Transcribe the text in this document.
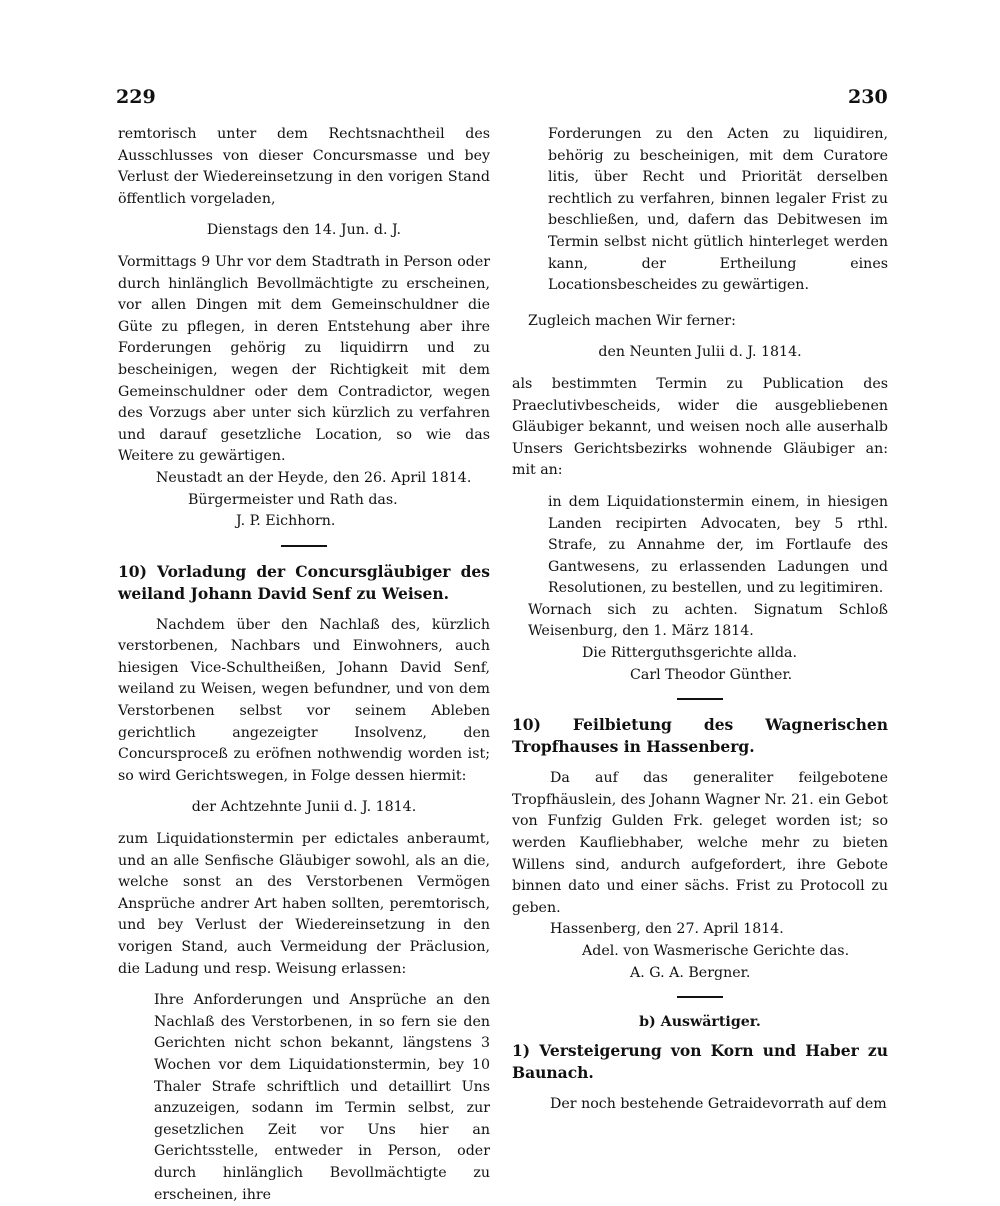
229	230

remtorisch unter dem Rechtsnachtheil des Ausschlusses von dieser Concursmasse und bey Verlust der Wiedereinsetzung in den vorigen Stand öffentlich vorgeladen,

Dienstags den 14. Jun. d. J.

Vormittags 9 Uhr vor dem Stadtrath in Person oder durch hinlänglich Bevollmächtigte zu erscheinen, vor allen Dingen mit dem Gemeinschuldner die Güte zu pflegen, in deren Entstehung aber ihre Forderungen gehörig zu liquidirrn und zu bescheinigen, wegen der Richtigkeit mit dem Gemeinschuldner oder dem Contradictor, wegen des Vorzugs aber unter sich kürzlich zu verfahren und darauf gesetzliche Location, so wie das Weitere zu gewärtigen.

Neustadt an der Heyde, den 26. April 1814.

Bürgermeister und Rath das.

J. P. Eichhorn.

10) Vorladung der Concursgläubiger des weiland Johann David Senf zu Weisen.

Nachdem über den Nachlaß des, kürzlich verstorbenen, Nachbars und Einwohners, auch hiesigen Vice-Schultheißen, Johann David Senf, weiland zu Weisen, wegen befundner, und von dem Verstorbenen selbst vor seinem Ableben gerichtlich angezeigter Insolvenz, den Concursproceß zu eröfnen nothwendig worden ist; so wird Gerichtswegen, in Folge dessen hiermit:

der Achtzehnte Junii d. J. 1814.

zum Liquidationstermin per edictales anberaumt, und an alle Senfische Gläubiger sowohl, als an die, welche sonst an des Verstorbenen Vermögen Ansprüche andrer Art haben sollten, peremtorisch, und bey Verlust der Wiedereinsetzung in den vorigen Stand, auch Vermeidung der Präclusion, die Ladung und resp. Weisung erlassen:

Ihre Anforderungen und Ansprüche an den Nachlaß des Verstorbenen, in so fern sie den Gerichten nicht schon bekannt, längstens 3 Wochen vor dem Liquidationstermin, bey 10 Thaler Strafe schriftlich und detaillirt Uns anzuzeigen, sodann im Termin selbst, zur gesetzlichen Zeit vor Uns hier an Gerichtsstelle, entweder in Person, oder durch hinlänglich Bevollmächtigte zu erscheinen, ihre

Forderungen zu den Acten zu liquidiren, behörig zu bescheinigen, mit dem Curatore litis, über Recht und Priorität derselben rechtlich zu verfahren, binnen legaler Frist zu beschließen, und, dafern das Debitwesen im Termin selbst nicht gütlich hinterleget werden kann, der Ertheilung eines Locationsbescheides zu gewärtigen.

Zugleich machen Wir ferner:

den Neunten Julii d. J. 1814.

als bestimmten Termin zu Publication des Praeclutivbescheids, wider die ausgebliebenen Gläubiger bekannt, und weisen noch alle auserhalb Unsers Gerichtsbezirks wohnende Gläubiger an: mit an:

in dem Liquidationstermin einem, in hiesigen Landen recipirten Advocaten, bey 5 rthl. Strafe, zu Annahme der, im Fortlaufe des Gantwesens, zu erlassenden Ladungen und Resolutionen, zu bestellen, und zu legitimiren.

Wornach sich zu achten. Signatum Schloß Weisenburg, den 1. März 1814.

Die Ritterguthsgerichte allda.

Carl Theodor Günther.

10) Feilbietung des Wagnerischen Tropfhauses in Hassenberg.

Da auf das generaliter feilgebotene Tropfhäuslein, des Johann Wagner Nr. 21. ein Gebot von Funfzig Gulden Frk. geleget worden ist; so werden Kaufliebhaber, welche mehr zu bieten Willens sind, andurch aufgefordert, ihre Gebote binnen dato und einer sächs. Frist zu Protocoll zu geben.

Hassenberg, den 27. April 1814.

Adel. von Wasmerische Gerichte das.

A. G. A. Bergner.

b) Auswärtiger.

1) Versteigerung von Korn und Haber zu Baunach.

Der noch bestehende Getraidevorrath auf dem
